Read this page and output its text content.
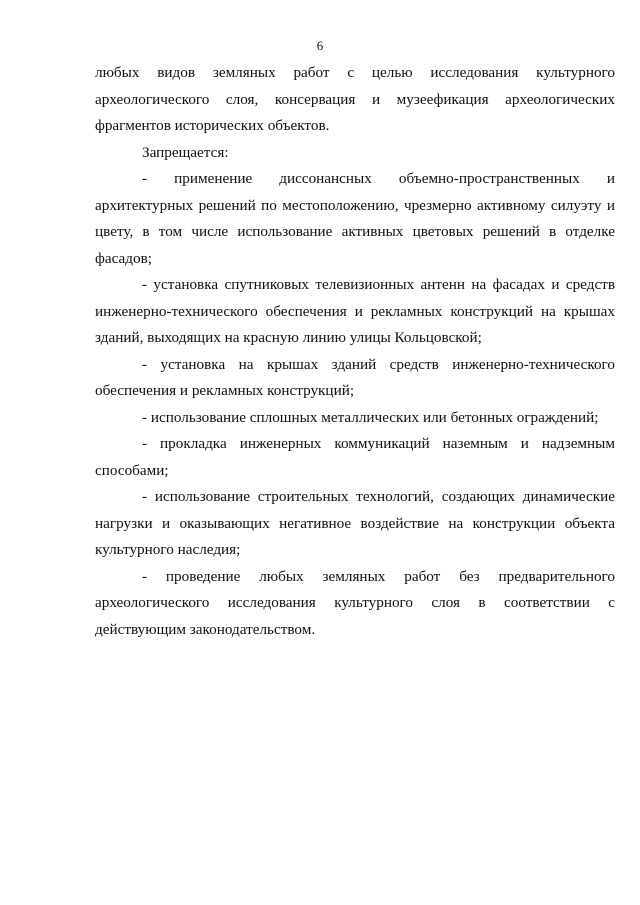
6

любых видов земляных работ с целью исследования культурного археологического слоя, консервация и музеефикация археологических фрагментов исторических объектов.

Запрещается:

- применение диссонансных объемно-пространственных и архитектурных решений по местоположению, чрезмерно активному силуэту и цвету, в том числе использование активных цветовых решений в отделке фасадов;

- установка спутниковых телевизионных антенн на фасадах и средств инженерно-технического обеспечения и рекламных конструкций на крышах зданий, выходящих на красную линию улицы Кольцовской;

- установка на крышах зданий средств инженерно-технического обеспечения и рекламных конструкций;

- использование сплошных металлических или бетонных ограждений;

- прокладка инженерных коммуникаций наземным и надземным способами;

- использование строительных технологий, создающих динамические нагрузки и оказывающих негативное воздействие на конструкции объекта культурного наследия;

- проведение любых земляных работ без предварительного археологического исследования культурного слоя в соответствии с действующим законодательством.
